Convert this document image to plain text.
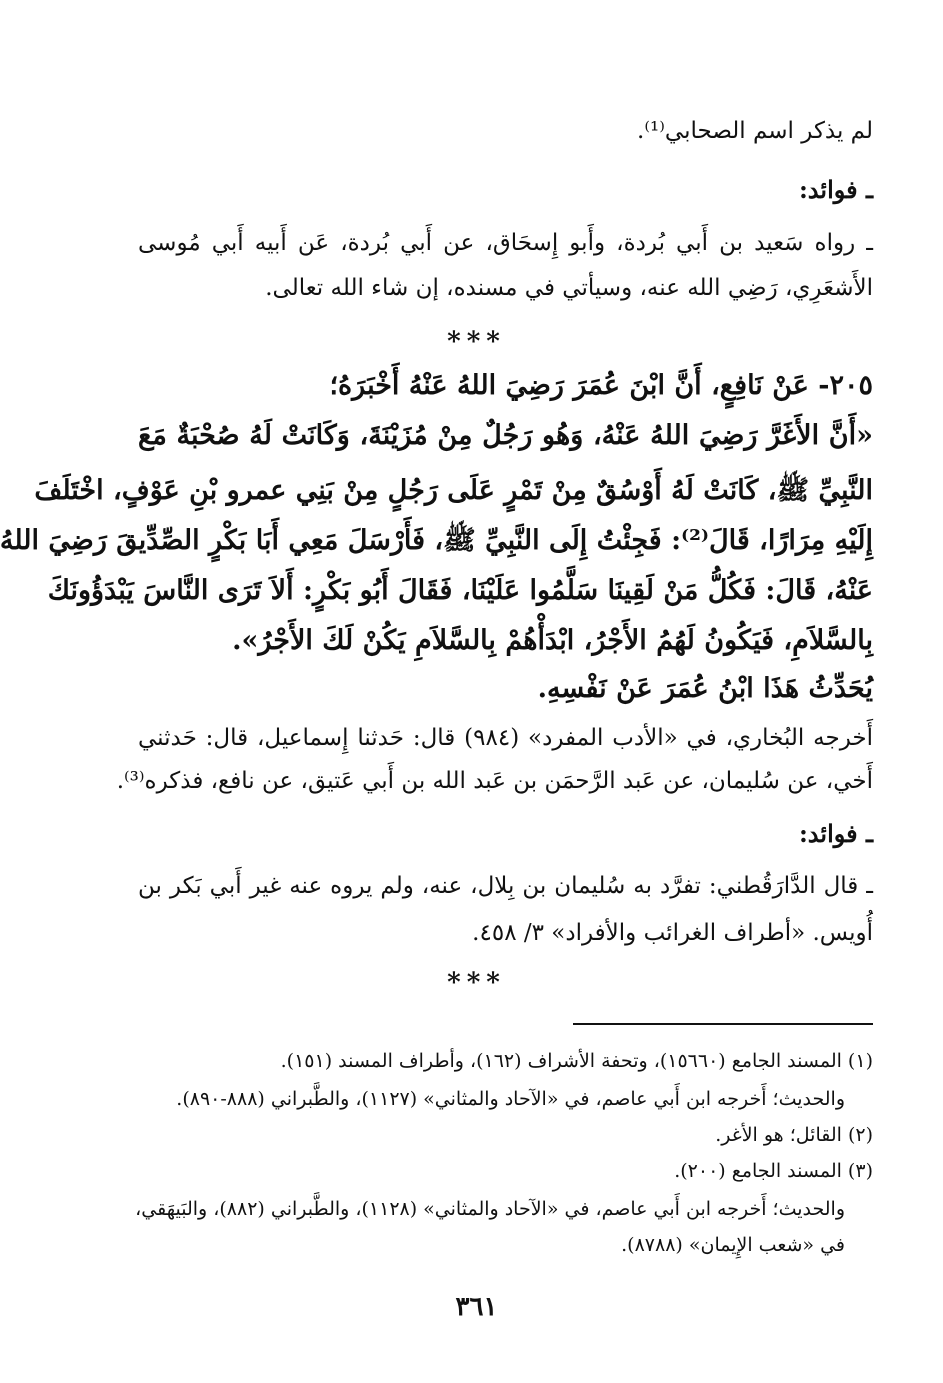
لم يذكر اسم الصحابي⁽¹⁾.
ـ فوائد:
ـ رواه سَعيد بن أَبي بُردة، وأَبو إِسحَاق، عن أَبي بُردة، عَن أَبيه أَبي مُوسى
الأَشعَرِي، رَضِي الله عنه، وسيأتي في مسنده، إن شاء الله تعالى.
***
٢٠٥- عَنْ نَافِعٍ، أَنَّ ابْنَ عُمَرَ رَضِيَ اللهُ عَنْهُ أَخْبَرَهُ؛
«أَنَّ الأَغَرَّ رَضِيَ اللهُ عَنْهُ، وَهُو رَجُلٌ مِنْ مُزَيْنَةَ، وَكَانَتْ لَهُ صُحْبَةٌ مَعَ
النَّبِيِّ ﷺ، كَانَتْ لَهُ أَوْسُقٌ مِنْ تَمْرٍ عَلَى رَجُلٍ مِنْ بَنِي عمرو بْنِ عَوْفٍ، اخْتَلَفَ
إِلَيْهِ مِرَارًا، قَالَ⁽²⁾: فَجِئْتُ إِلَى النَّبِيِّ ﷺ، فَأَرْسَلَ مَعِي أَبَا بَكْرٍ الصِّدِّيقَ رَضِيَ اللهُ
عَنْهُ، قَالَ: فَكُلُّ مَنْ لَقِينَا سَلَّمُوا عَلَيْنَا، فَقَالَ أَبُو بَكْرٍ: أَلاَ تَرَى النَّاسَ يَبْدَؤُونَكَ
بِالسَّلاَمِ، فَيَكُونُ لَهُمُ الأَجْرُ، ابْدَأْهُمْ بِالسَّلاَمِ يَكُنْ لَكَ الأَجْرُ».
يُحَدِّثُ هَذَا ابْنُ عُمَرَ عَنْ نَفْسِهِ.
أَخرجه البُخاري، في «الأدب المفرد» (٩٨٤) قال: حَدثنا إِسماعيل، قال: حَدثني
أَخي، عن سُليمان، عن عَبد الرَّحمَن بن عَبد الله بن أَبي عَتيق، عن نافع، فذكره⁽³⁾.
ـ فوائد:
ـ قال الدَّارَقُطني: تفرَّد به سُليمان بن بِلال، عنه، ولم يروه عنه غير أَبي بَكر بن
أُويس. «أطراف الغرائب والأفراد» ٣/ ٤٥٨.
***
(١) المسند الجامع (١٥٦٦٠)، وتحفة الأشراف (١٦٢)، وأطراف المسند (١٥١).
والحديث؛ أَخرجه ابن أَبي عاصم، في «الآحاد والمثاني» (١١٢٧)، والطَّبراني (٨٨٨-٨٩٠).
(٢) القائل؛ هو الأغر.
(٣) المسند الجامع (٢٠٠).
والحديث؛ أَخرجه ابن أَبي عاصم، في «الآحاد والمثاني» (١١٢٨)، والطَّبراني (٨٨٢)، والبَيهَقي،
في «شعب الإِيمان» (٨٧٨٨).
٣٦١
